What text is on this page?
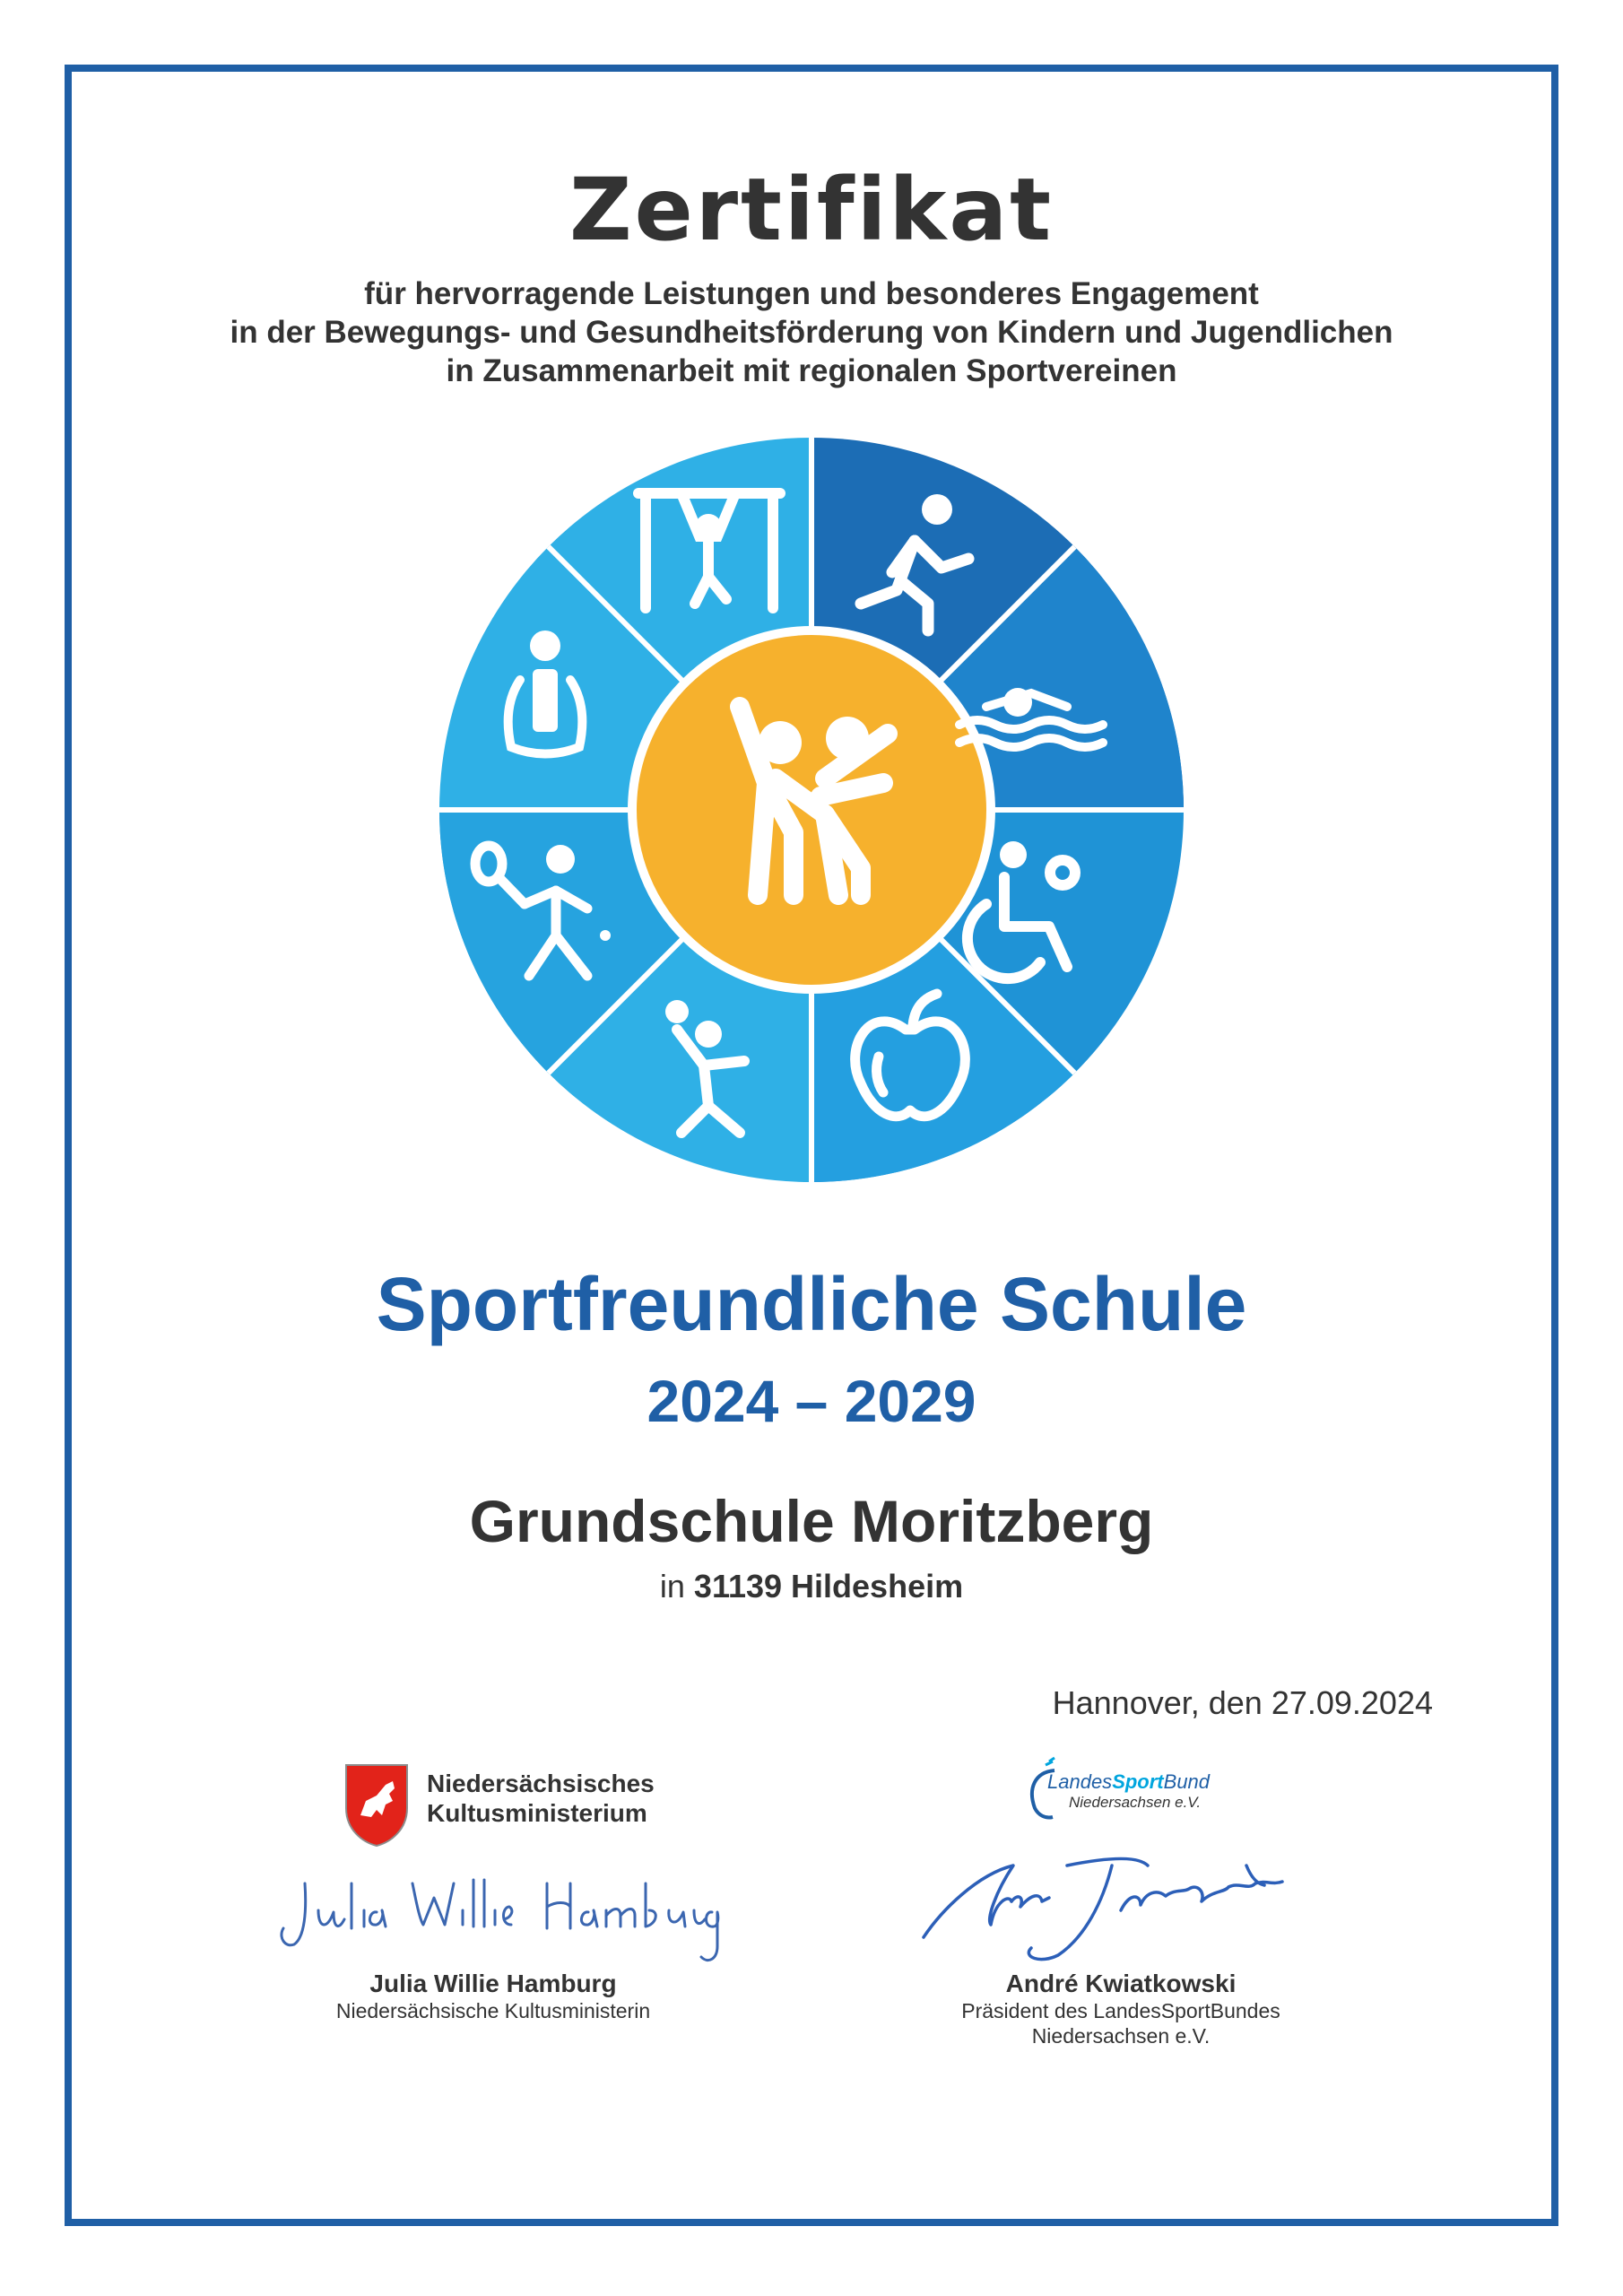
Zertifikat
für hervorragende Leistungen und besonderes Engagement
in der Bewegungs- und Gesundheitsförderung von Kindern und Jugendlichen
in Zusammenarbeit mit regionalen Sportvereinen
Sportfreundliche Schule
2024 – 2029
Grundschule Moritzberg
in 31139 Hildesheim
Hannover, den 27.09.2024
Niedersächsisches
Kultusministerium
LandesSportBund
Niedersachsen e.V.
Julia Willie Hamburg
Niedersächsische Kultusministerin
André Kwiatkowski
Präsident des LandesSportBundes
Niedersachsen e.V.
